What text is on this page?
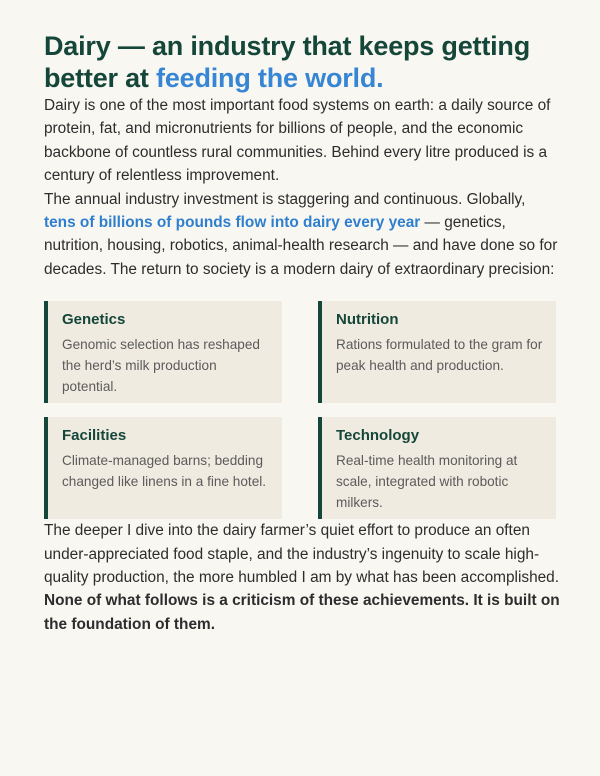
Dairy — an industry that keeps getting better at feeding the world.

Dairy is one of the most important food systems on earth: a daily source of protein, fat, and micronutrients for billions of people, and the economic backbone of countless rural communities. Behind every litre produced is a century of relentless improvement.

The annual industry investment is staggering and continuous. Globally, tens of billions of pounds flow into dairy every year — genetics, nutrition, housing, robotics, animal-health research — and have done so for decades. The return to society is a modern dairy of extraordinary precision:

Genetics
Genomic selection has reshaped the herd’s milk production potential.
Nutrition
Rations formulated to the gram for peak health and production.
Facilities
Climate-managed barns; bedding changed like linens in a fine hotel.
Technology
Real-time health monitoring at scale, integrated with robotic milkers.

The deeper I dive into the dairy farmer’s quiet effort to produce an often under-appreciated food staple, and the industry’s ingenuity to scale high-quality production, the more humbled I am by what has been accomplished.

None of what follows is a criticism of these achievements. It is built on the foundation of them.
